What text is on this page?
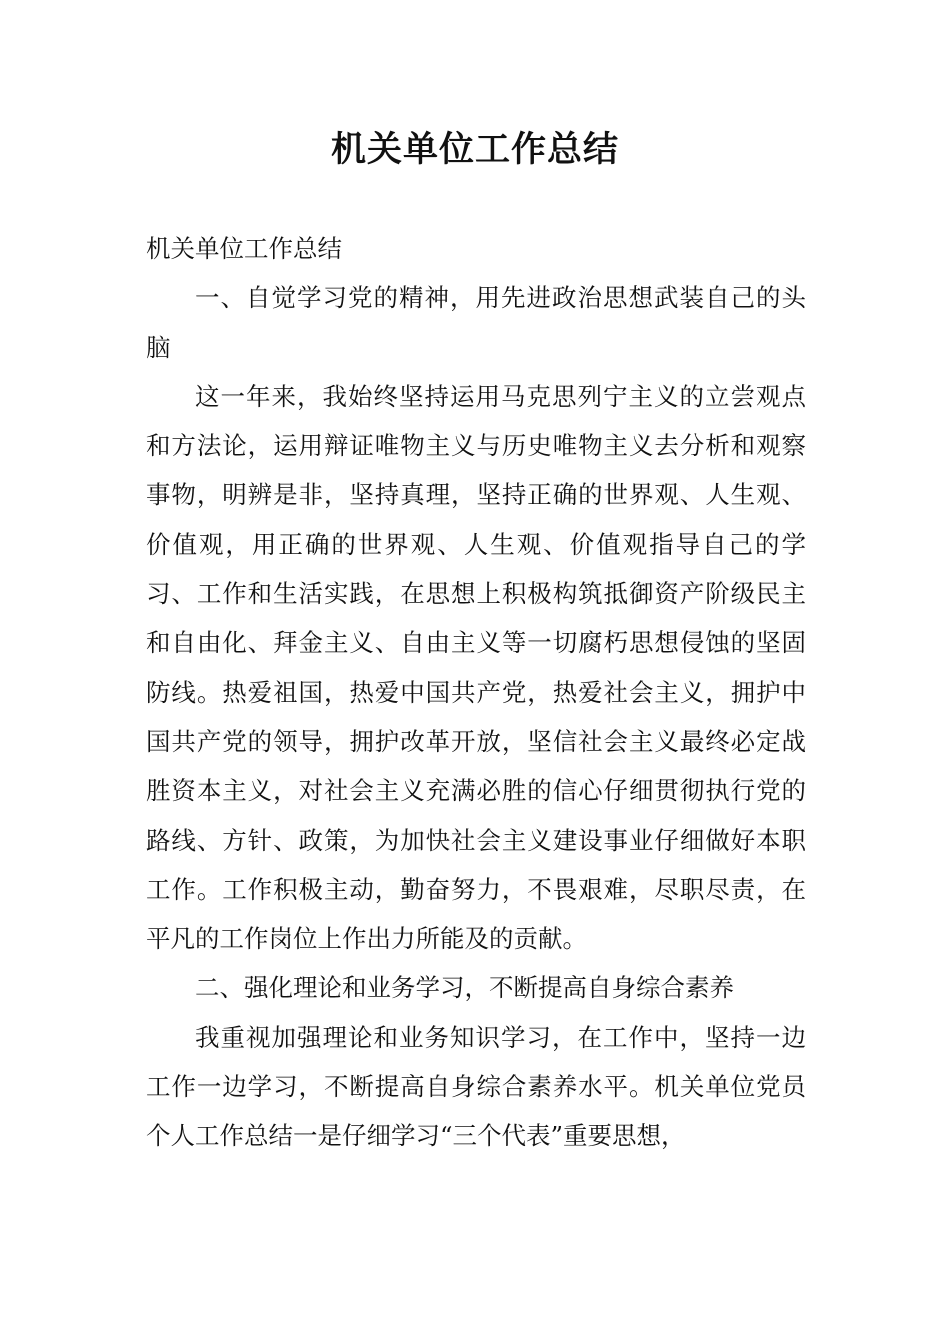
机关单位工作总结

机关单位工作总结

一、自觉学习党的精神，用先进政治思想武装自己的头脑

这一年来，我始终坚持运用马克思列宁主义的立尝观点和方法论，运用辩证唯物主义与历史唯物主义去分析和观察事物，明辨是非，坚持真理，坚持正确的世界观、人生观、价值观，用正确的世界观、人生观、价值观指导自己的学习、工作和生活实践，在思想上积极构筑抵御资产阶级民主和自由化、拜金主义、自由主义等一切腐朽思想侵蚀的坚固防线。热爱祖国，热爱中国共产党，热爱社会主义，拥护中国共产党的领导，拥护改革开放，坚信社会主义最终必定战胜资本主义，对社会主义充满必胜的信心仔细贯彻执行党的路线、方针、政策，为加快社会主义建设事业仔细做好本职工作。工作积极主动，勤奋努力，不畏艰难，尽职尽责，在平凡的工作岗位上作出力所能及的贡献。

二、强化理论和业务学习，不断提高自身综合素养

我重视加强理论和业务知识学习，在工作中，坚持一边工作一边学习，不断提高自身综合素养水平。机关单位党员个人工作总结一是仔细学习“三个代表”重要思想，
